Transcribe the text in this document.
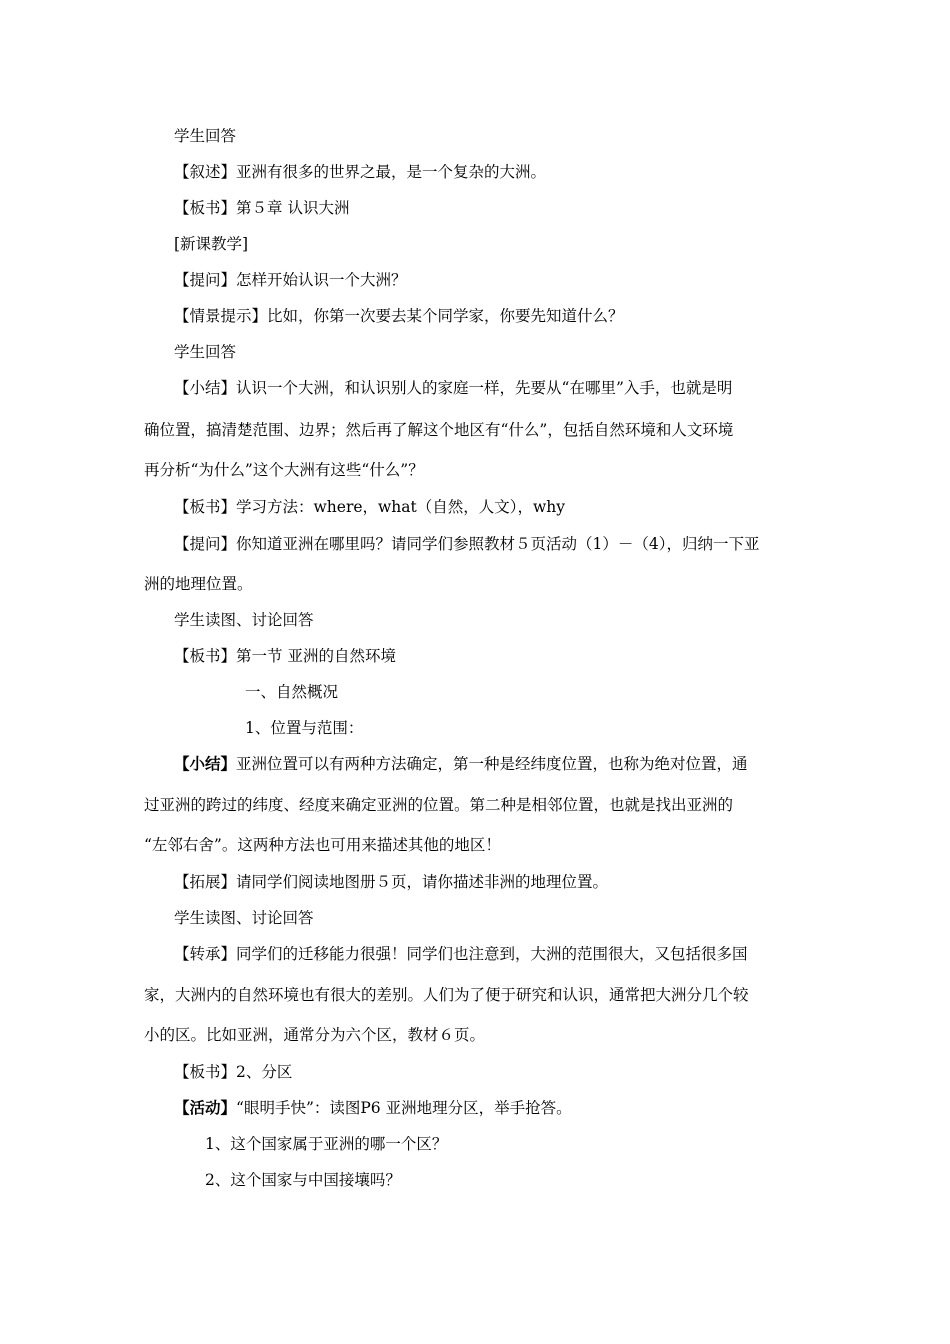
学生回答
【叙述】亚洲有很多的世界之最，是一个复杂的大洲。
【板书】第５章 认识大洲
[新课教学]
【提问】怎样开始认识一个大洲？
【情景提示】比如，你第一次要去某个同学家，你要先知道什么？
学生回答
【小结】认识一个大洲，和认识别人的家庭一样，先要从“在哪里”入手，也就是明
确位置，搞清楚范围、边界；然后再了解这个地区有“什么”，包括自然环境和人文环境
再分析“为什么”这个大洲有这些“什么”？
【板书】学习方法：where，what（自然，人文），why
【提问】你知道亚洲在哪里吗？请同学们参照教材５页活动（1）－（4），归纳一下亚
洲的地理位置。
学生读图、讨论回答
【板书】第一节 亚洲的自然环境
一、自然概况
1、位置与范围：
【小结】亚洲位置可以有两种方法确定，第一种是经纬度位置，也称为绝对位置，通
过亚洲的跨过的纬度、经度来确定亚洲的位置。第二种是相邻位置，也就是找出亚洲的
“左邻右舍”。这两种方法也可用来描述其他的地区！
【拓展】请同学们阅读地图册５页，请你描述非洲的地理位置。
学生读图、讨论回答
【转承】同学们的迁移能力很强！同学们也注意到，大洲的范围很大，又包括很多国
家，大洲内的自然环境也有很大的差别。人们为了便于研究和认识，通常把大洲分几个较
小的区。比如亚洲，通常分为六个区，教材６页。
【板书】2、分区
【活动】“眼明手快”：读图P6 亚洲地理分区，举手抢答。
1、这个国家属于亚洲的哪一个区？
2、这个国家与中国接壤吗？
